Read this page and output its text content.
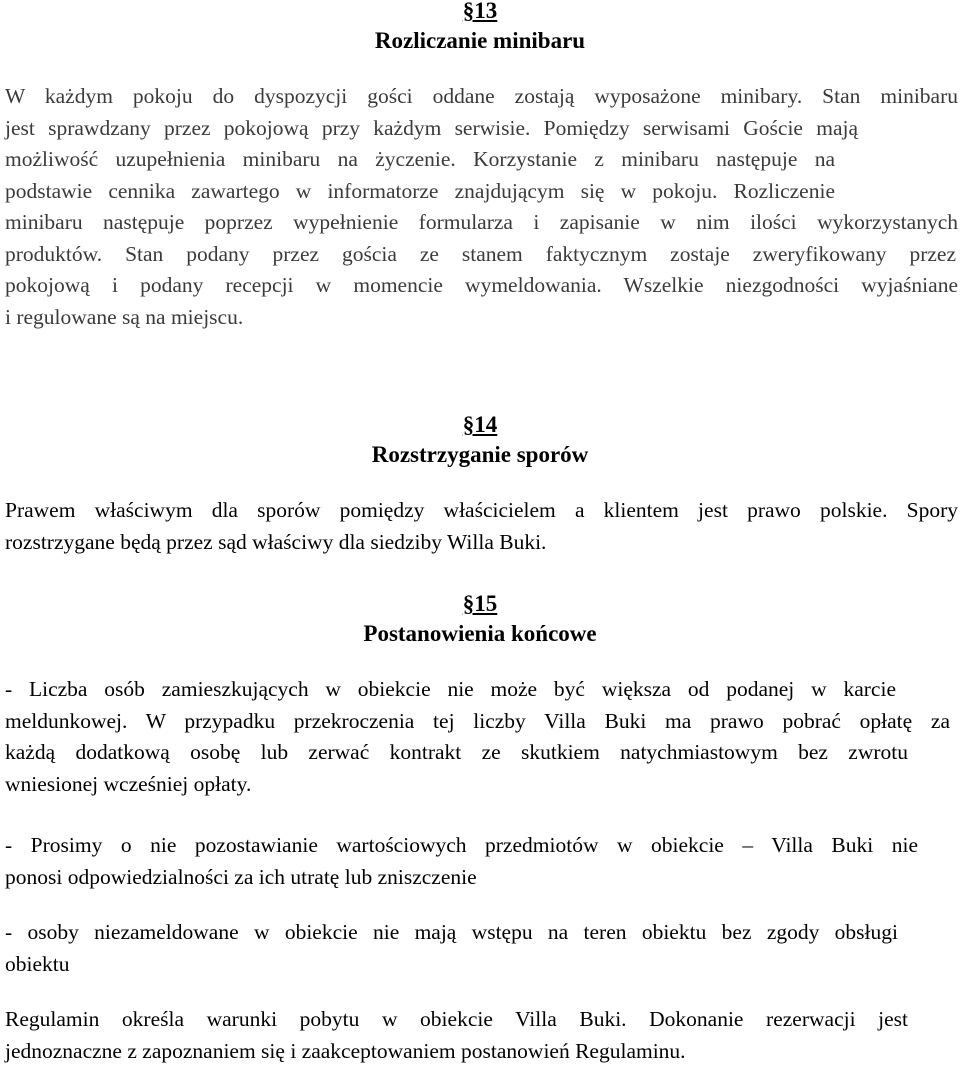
§13
Rozliczanie minibaru
W każdym pokoju do dyspozycji gości oddane zostają wyposażone minibary. Stan minibaru
jest sprawdzany przez pokojową przy każdym serwisie. Pomiędzy serwisami Goście mają
możliwość uzupełnienia minibaru na życzenie. Korzystanie z minibaru następuje na
podstawie cennika zawartego w informatorze znajdującym się w pokoju. Rozliczenie
minibaru następuje poprzez wypełnienie formularza i zapisanie w nim ilości wykorzystanych
produktów. Stan podany przez gościa ze stanem faktycznym zostaje zweryfikowany przez
pokojową i podany recepcji w momencie wymeldowania. Wszelkie niezgodności wyjaśniane
i regulowane są na miejscu.
§14
Rozstrzyganie sporów
Prawem właściwym dla sporów pomiędzy właścicielem a klientem jest prawo polskie. Spory
rozstrzygane będą przez sąd właściwy dla siedziby Willa Buki.
§15
Postanowienia końcowe
- Liczba osób zamieszkujących w obiekcie nie może być większa od podanej w karcie
meldunkowej. W przypadku przekroczenia tej liczby Villa Buki ma prawo pobrać opłatę za
każdą dodatkową osobę lub zerwać kontrakt ze skutkiem natychmiastowym bez zwrotu
wniesionej wcześniej opłaty.
- Prosimy o nie pozostawianie wartościowych przedmiotów w obiekcie – Villa Buki nie
ponosi odpowiedzialności za ich utratę lub zniszczenie
- osoby niezameldowane w obiekcie nie mają wstępu na teren obiektu bez zgody obsługi
obiektu
Regulamin określa warunki pobytu w obiekcie Villa Buki. Dokonanie rezerwacji jest
jednoznaczne z zapoznaniem się i zaakceptowaniem postanowień Regulaminu.
